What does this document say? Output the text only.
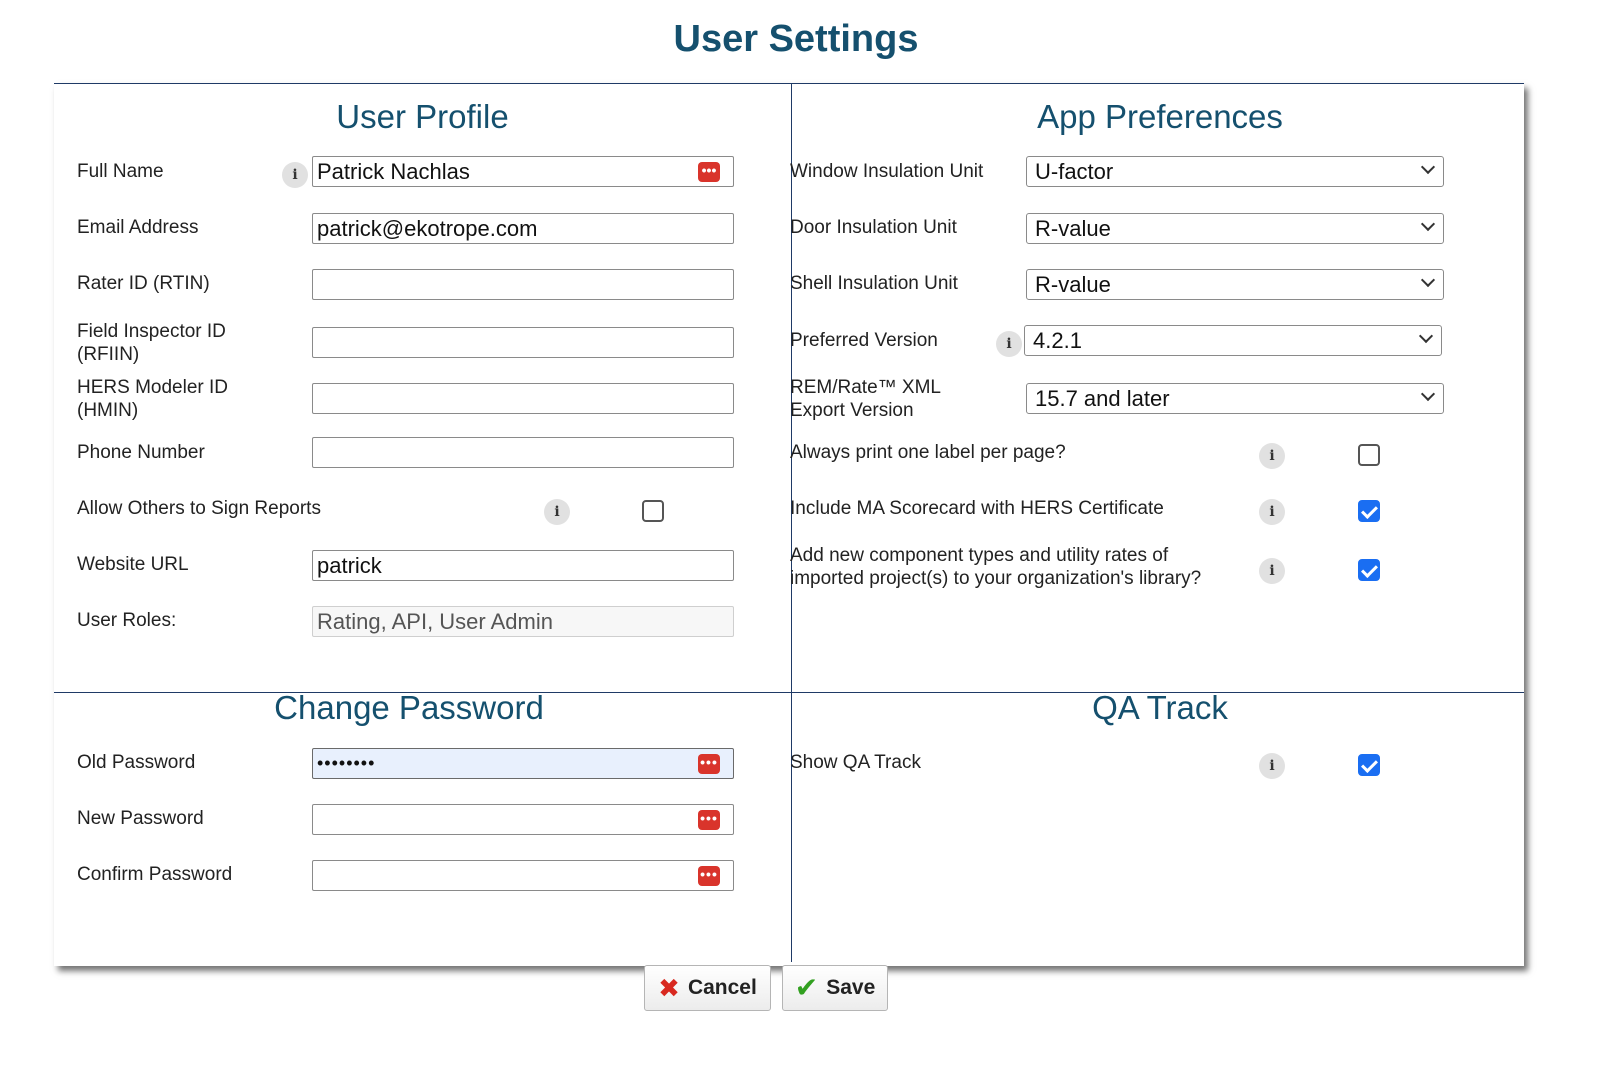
User Settings
User Profile
Full Name	i Patrick Nachlas	•••
Email Address	patrick@ekotrope.com
Rater ID (RTIN)
Field Inspector ID
(RFIIN)
HERS Modeler ID
(HMIN)
Phone Number
Allow Others to Sign Reports	i
Website URL	patrick
User Roles:	Rating, API, User Admin
App Preferences
Window Insulation Unit	U-factor
Door Insulation Unit	R-value
Shell Insulation Unit	R-value
Preferred Version	i 4.2.1
REM/Rate™ XML
Export Version	15.7 and later
Always print one label per page?	i
Include MA Scorecard with HERS Certificate	i
Add new component types and utility rates of
imported project(s) to your organization's library?	i
Change Password
Old Password	••••••••	•••
New Password	•••
Confirm Password	•••
QA Track
Show QA Track	i
✖ Cancel ✔ Save
